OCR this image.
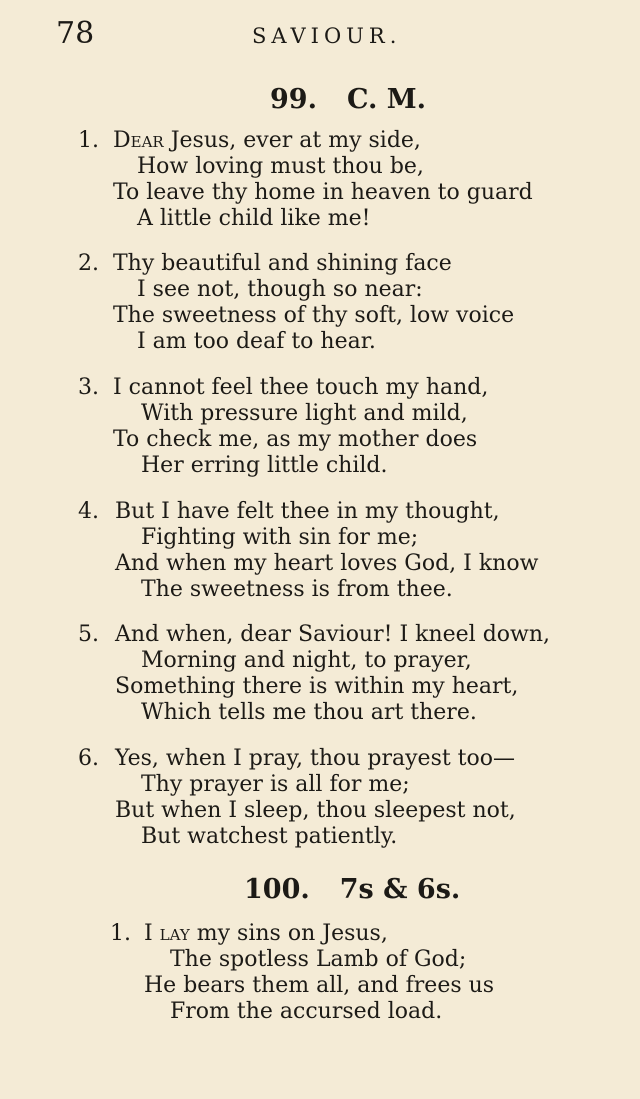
78	SAVIOUR.
99. C. M.
1. Dear Jesus, ever at my side,
How loving must thou be,
To leave thy home in heaven to guard
A little child like me!
2. Thy beautiful and shining face
I see not, though so near:
The sweetness of thy soft, low voice
I am too deaf to hear.
3. I cannot feel thee touch my hand,
With pressure light and mild,
To check me, as my mother does
Her erring little child.
4. But I have felt thee in my thought,
Fighting with sin for me;
And when my heart loves God, I know
The sweetness is from thee.
5. And when, dear Saviour! I kneel down,
Morning and night, to prayer,
Something there is within my heart,
Which tells me thou art there.
6. Yes, when I pray, thou prayest too—
Thy prayer is all for me;
But when I sleep, thou sleepest not,
But watchest patiently.
100. 7s & 6s.
1. I lay my sins on Jesus,
The spotless Lamb of God;
He bears them all, and frees us
From the accursed load.
